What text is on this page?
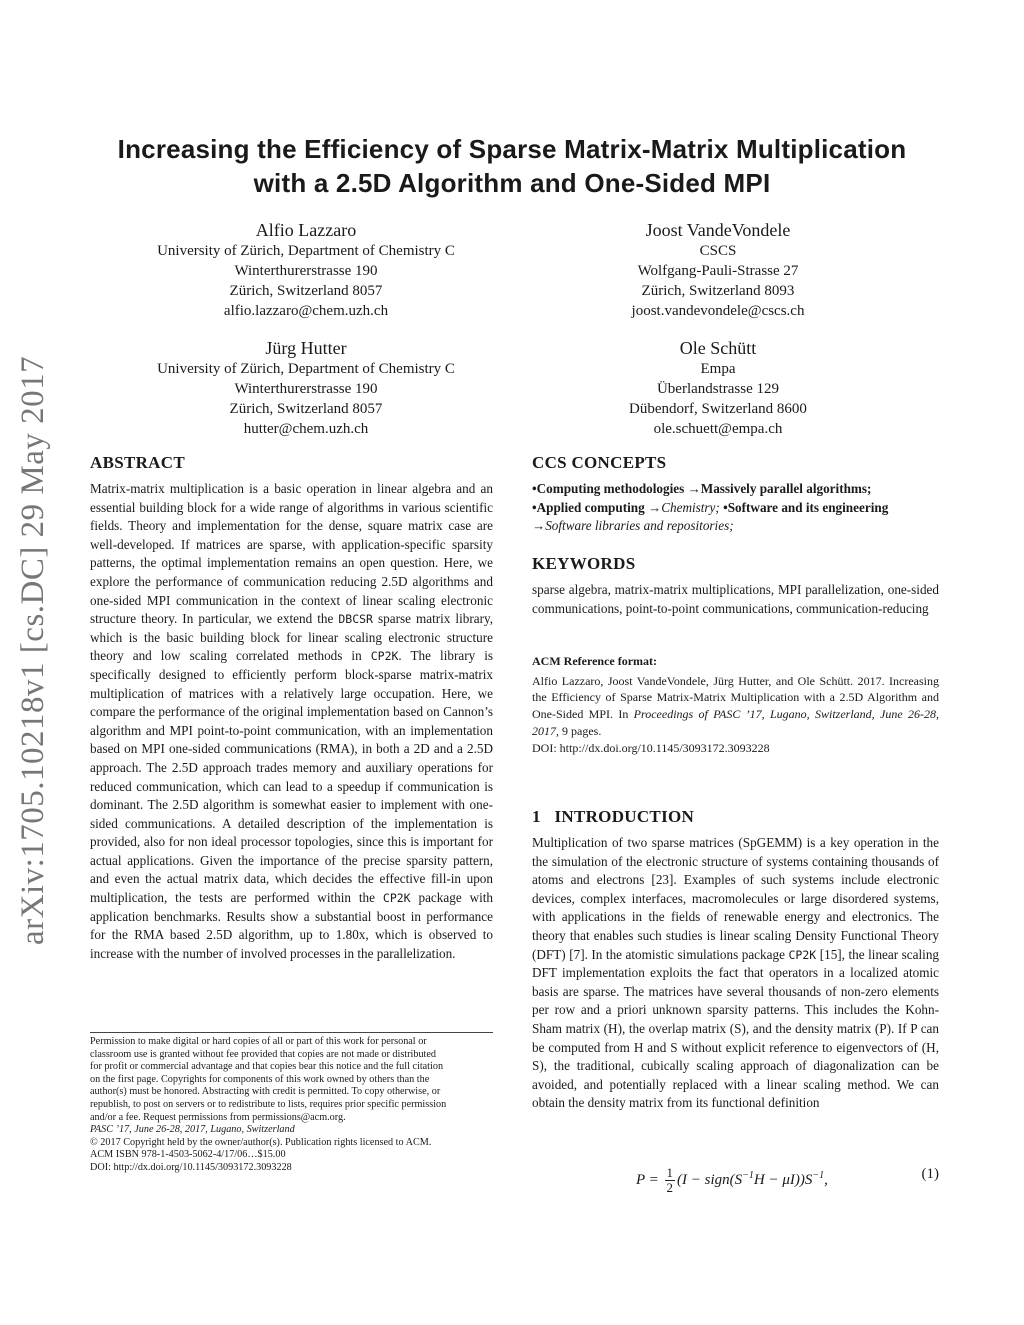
Increasing the Efficiency of Sparse Matrix-Matrix Multiplication
with a 2.5D Algorithm and One-Sided MPI
Alfio Lazzaro
University of Zürich, Department of Chemistry C
Winterthurerstrasse 190
Zürich, Switzerland 8057
alfio.lazzaro@chem.uzh.ch
Joost VandeVondele
CSCS
Wolfgang-Pauli-Strasse 27
Zürich, Switzerland 8093
joost.vandevondele@cscs.ch
Jürg Hutter
University of Zürich, Department of Chemistry C
Winterthurerstrasse 190
Zürich, Switzerland 8057
hutter@chem.uzh.ch
Ole Schütt
Empa
Überlandstrasse 129
Dübendorf, Switzerland 8600
ole.schuett@empa.ch
arXiv:1705.10218v1 [cs.DC] 29 May 2017 ABSTRACT

Matrix-matrix multiplication is a basic operation in linear algebra and an essential building block for a wide range of algorithms in various scientific fields. Theory and implementation for the dense, square matrix case are well-developed. If matrices are sparse, with application-specific sparsity patterns, the optimal implementation remains an open question. Here, we explore the performance of communication reducing 2.5D algorithms and one-sided MPI communication in the context of linear scaling electronic structure theory. In particular, we extend the DBCSR sparse matrix library, which is the basic building block for linear scaling electronic structure theory and low scaling correlated methods in CP2K. The library is specifically designed to efficiently perform block-sparse matrix-matrix multiplication of matrices with a relatively large occupation. Here, we compare the performance of the original implementation based on Cannon’s algorithm and MPI point-to-point communication, with an implementation based on MPI one-sided communications (RMA), in both a 2D and a 2.5D approach. The 2.5D approach trades memory and auxiliary operations for reduced communication, which can lead to a speedup if communication is dominant. The 2.5D algorithm is somewhat easier to implement with one-sided communications. A detailed description of the implementation is provided, also for non ideal processor topologies, since this is important for actual applications. Given the importance of the precise sparsity pattern, and even the actual matrix data, which decides the effective fill-in upon multiplication, the tests are performed within the CP2K package with application benchmarks. Results show a substantial boost in performance for the RMA based 2.5D algorithm, up to 1.80x, which is observed to increase with the number of involved processes in the parallelization.

Permission to make digital or hard copies of all or part of this work for personal or
classroom use is granted without fee provided that copies are not made or distributed
for profit or commercial advantage and that copies bear this notice and the full citation
on the first page. Copyrights for components of this work owned by others than the
author(s) must be honored. Abstracting with credit is permitted. To copy otherwise, or
republish, to post on servers or to redistribute to lists, requires prior specific permission
and/or a fee. Request permissions from permissions@acm.org.
PASC ’17, June 26-28, 2017, Lugano, Switzerland
© 2017 Copyright held by the owner/author(s). Publication rights licensed to ACM.
ACM ISBN 978-1-4503-5062-4/17/06…$15.00
DOI: http://dx.doi.org/10.1145/3093172.3093228
CCS CONCEPTS
•Computing methodologies →Massively parallel algorithms;
•Applied computing →Chemistry; •Software and its engineering →Software libraries and repositories;
KEYWORDS

sparse algebra, matrix-matrix multiplications, MPI parallelization, one-sided communications, point-to-point communications, communication-reducing

ACM Reference format:

Alfio Lazzaro, Joost VandeVondele, Jürg Hutter, and Ole Schütt. 2017. Increasing the Efficiency of Sparse Matrix-Matrix Multiplication with a 2.5D Algorithm and One-Sided MPI. In Proceedings of PASC ’17, Lugano, Switzerland, June 26-28, 2017, 9 pages.
DOI: http://dx.doi.org/10.1145/3093172.3093228
1 INTRODUCTION

Multiplication of two sparse matrices (SpGEMM) is a key operation in the the simulation of the electronic structure of systems containing thousands of atoms and electrons [23]. Examples of such systems include electronic devices, complex interfaces, macromolecules or large disordered systems, with applications in the fields of renewable energy and electronics. The theory that enables such studies is linear scaling Density Functional Theory (DFT) [7]. In the atomistic simulations package CP2K [15], the linear scaling DFT implementation exploits the fact that operators in a localized atomic basis are sparse. The matrices have several thousands of non-zero elements per row and a priori unknown sparsity patterns. This includes the Kohn-Sham matrix (H), the overlap matrix (S), and the density matrix (P). If P can be computed from H and S without explicit reference to eigenvectors of (H, S), the traditional, cubically scaling approach of diagonalization can be avoided, and potentially replaced with a linear scaling method. We can obtain the density matrix from its functional definition

$P = \frac{1}{2} (I$ − $sign(S^{-1}H - \mu I))S^{-1}$,	(1)
